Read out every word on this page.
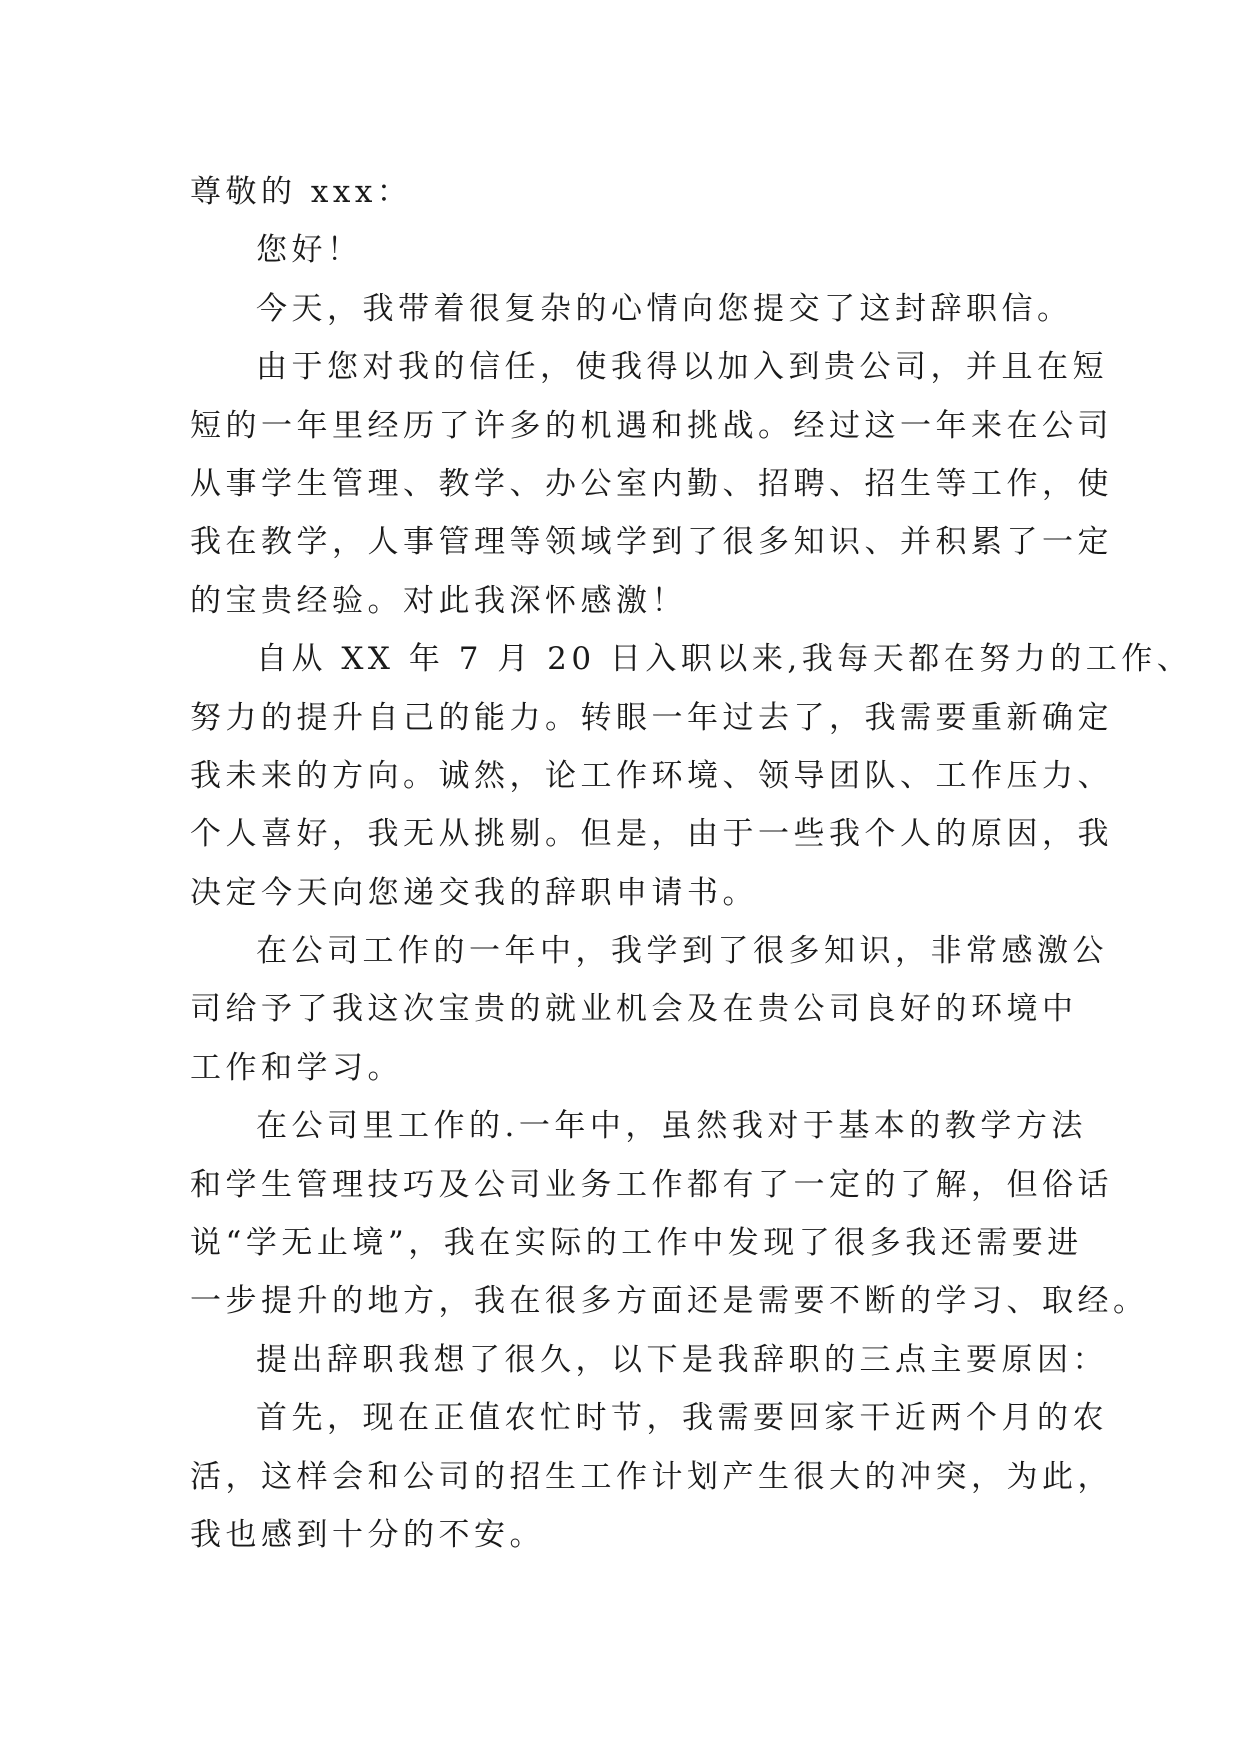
尊敬的 xxx：
您好！
今天，我带着很复杂的心情向您提交了这封辞职信。
由于您对我的信任，使我得以加入到贵公司，并且在短
短的一年里经历了许多的机遇和挑战。经过这一年来在公司
从事学生管理、教学、办公室内勤、招聘、招生等工作，使
我在教学，人事管理等领域学到了很多知识、并积累了一定
的宝贵经验。对此我深怀感激！
自从 XX 年 7 月 20 日入职以来,我每天都在努力的工作、
努力的提升自己的能力。转眼一年过去了，我需要重新确定
我未来的方向。诚然，论工作环境、领导团队、工作压力、
个人喜好，我无从挑剔。但是，由于一些我个人的原因，我
决定今天向您递交我的辞职申请书。
在公司工作的一年中，我学到了很多知识，非常感激公
司给予了我这次宝贵的就业机会及在贵公司良好的环境中
工作和学习。
在公司里工作的.一年中，虽然我对于基本的教学方法
和学生管理技巧及公司业务工作都有了一定的了解，但俗话
说“学无止境”，我在实际的工作中发现了很多我还需要进
一步提升的地方，我在很多方面还是需要不断的学习、取经。
提出辞职我想了很久，以下是我辞职的三点主要原因：
首先，现在正值农忙时节，我需要回家干近两个月的农
活，这样会和公司的招生工作计划产生很大的冲突，为此，
我也感到十分的不安。
